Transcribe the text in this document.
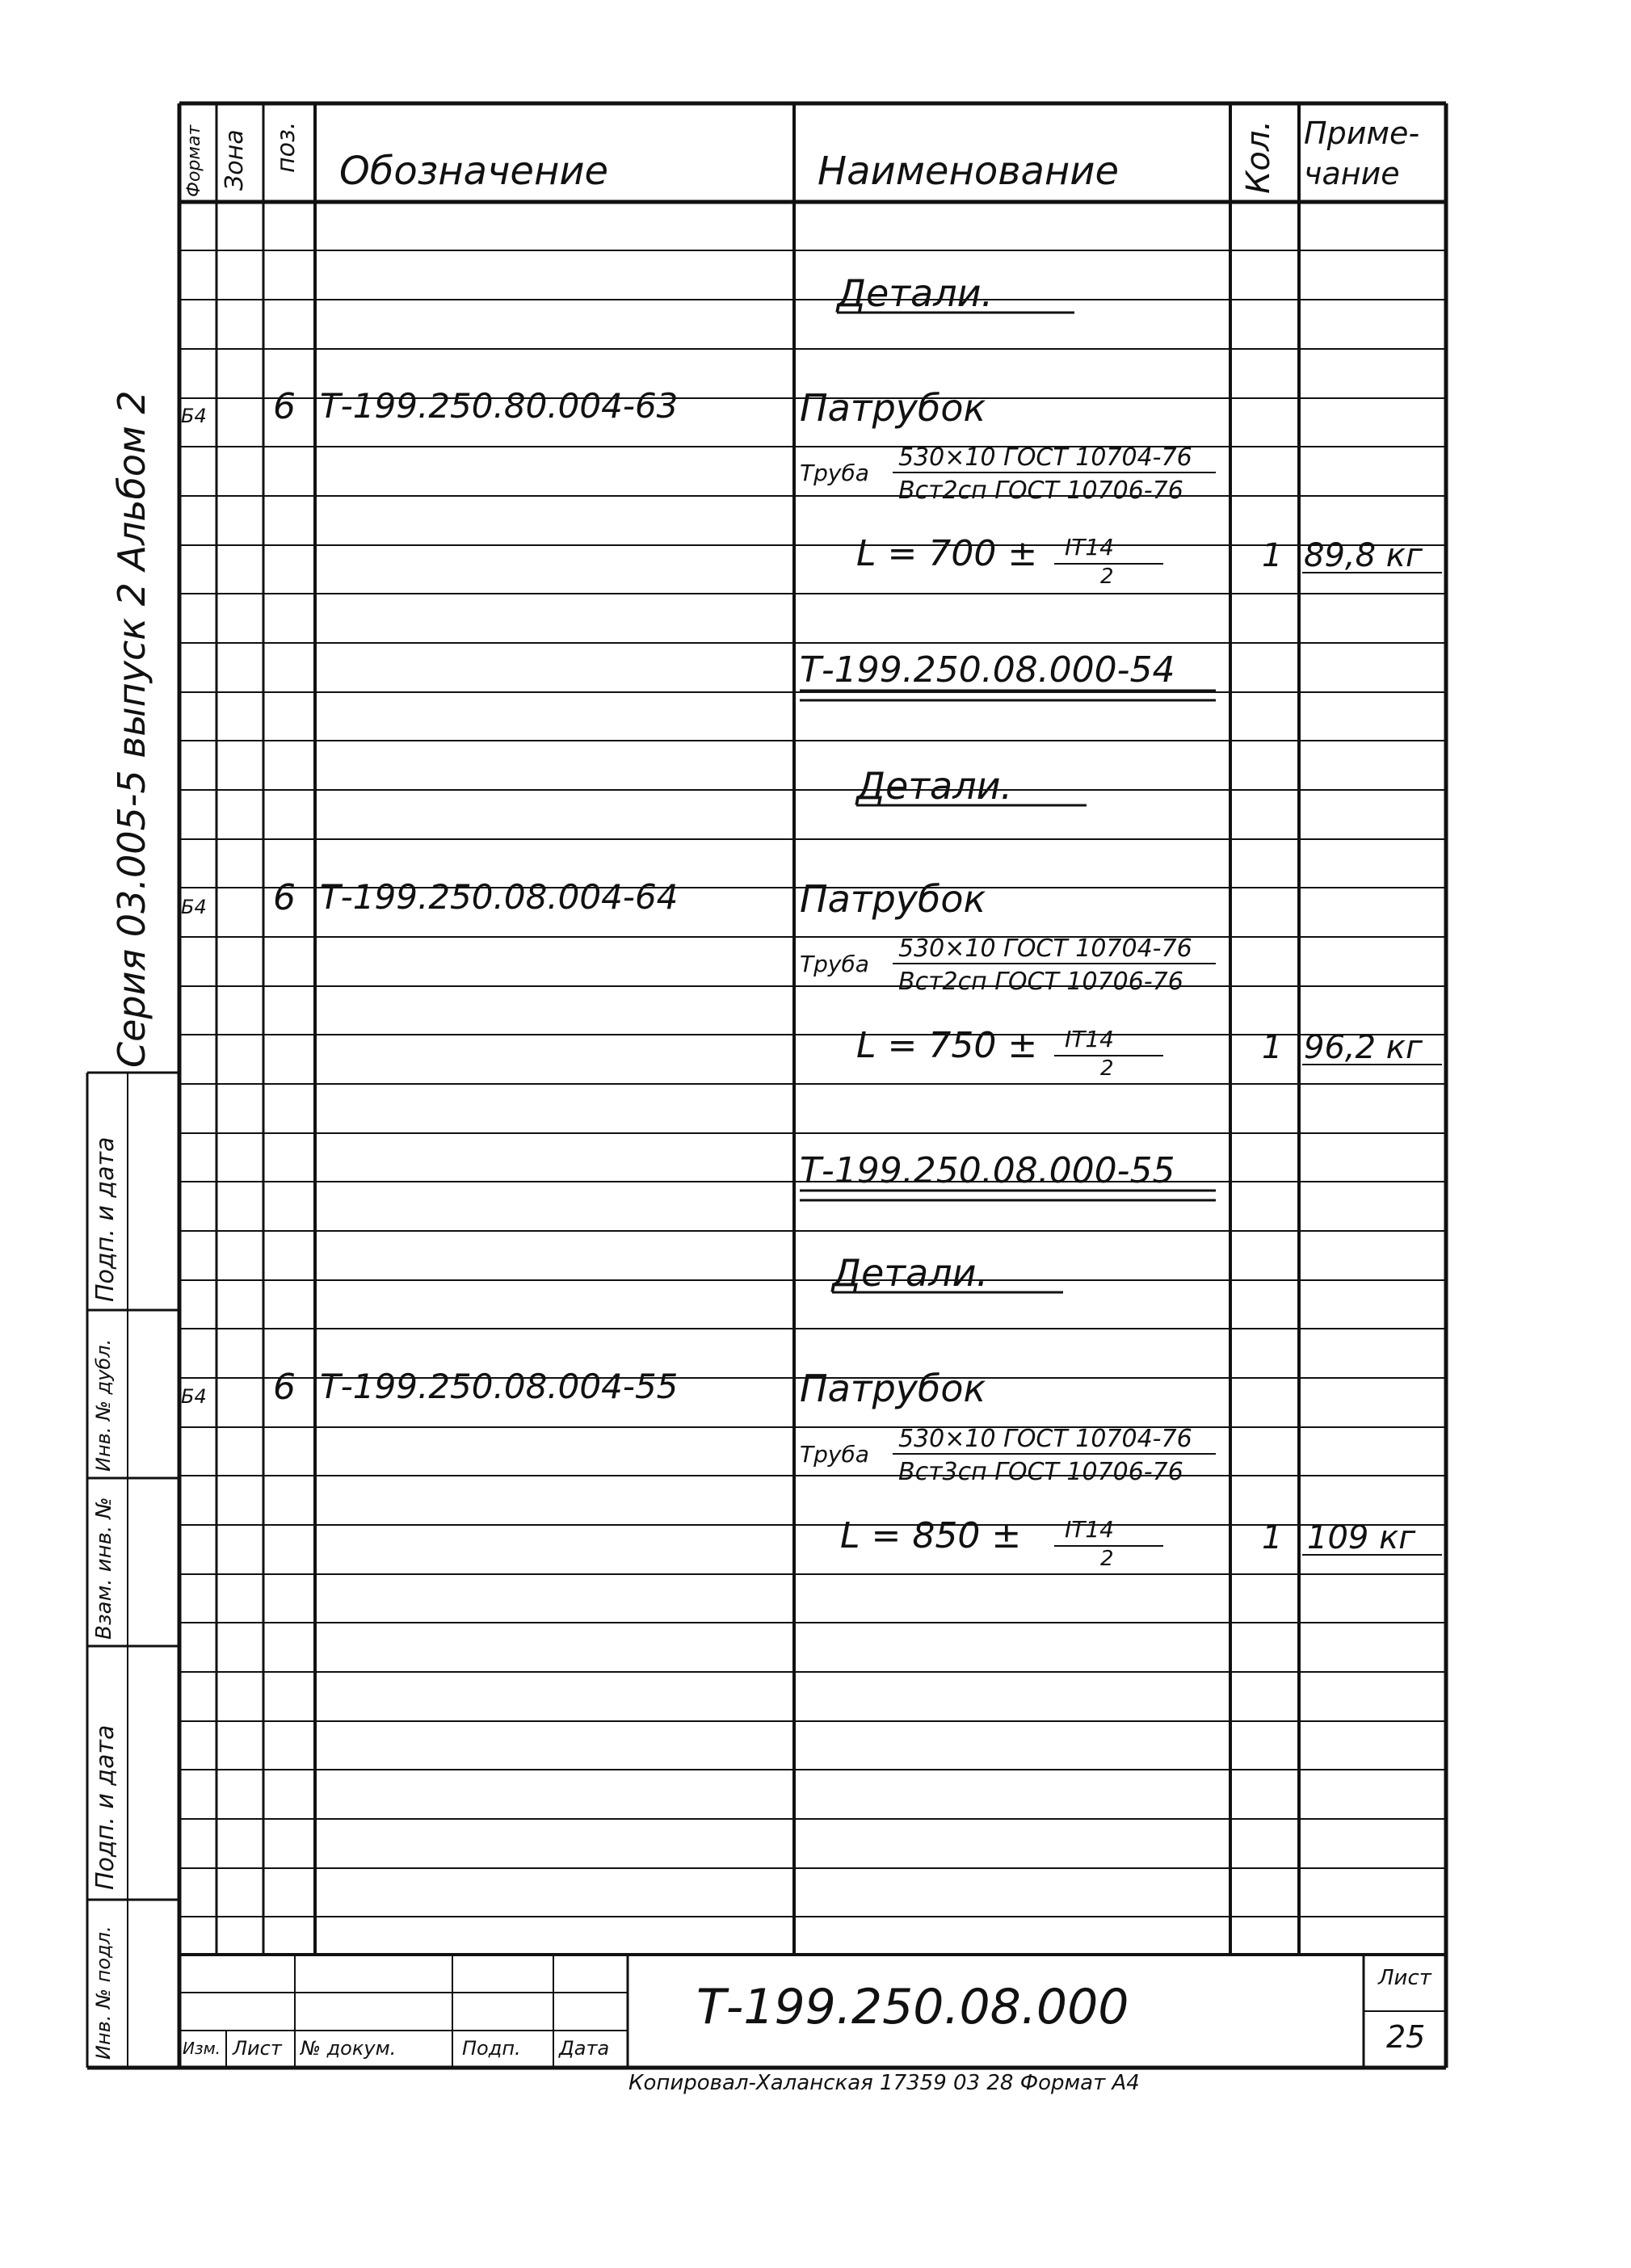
Формат Зона поз. Обозначение	Наименование	Кол. Приме-
чание
Детали.
Б4 6 Т-199.250.80.004-63	Патрубок
Труба
530×10 ГОСТ 10704-76
Вст2сп ГОСТ 10706-76
L = 700 ± IT14
2
1 89,8 кг
Т-199.250.08.000-54
Детали.
Б4 6 Т-199.250.08.004-64	Патрубок
Труба
530×10 ГОСТ 10704-76
Вст2сп ГОСТ 10706-76
L = 750 ± IT14
2
1 96,2 кг
Т-199.250.08.000-55
Детали.
Б4 6 Т-199.250.08.004-55	Патрубок
Труба
530×10 ГОСТ 10704-76
Вст3сп ГОСТ 10706-76
L = 850 ± IT14
2
1 109 кг
Серия 03.005-5 выпуск 2 Альбом 2
Инв. № подл.
Подп. и дата
Взам. инв. №
Инв. № дубл.
Подп. и дата
Т-199.250.08.000
Лист
25
Изм. Лист № докум.	Подп. Дата
Копировал-Халанская 17359 03 28 Формат А4
